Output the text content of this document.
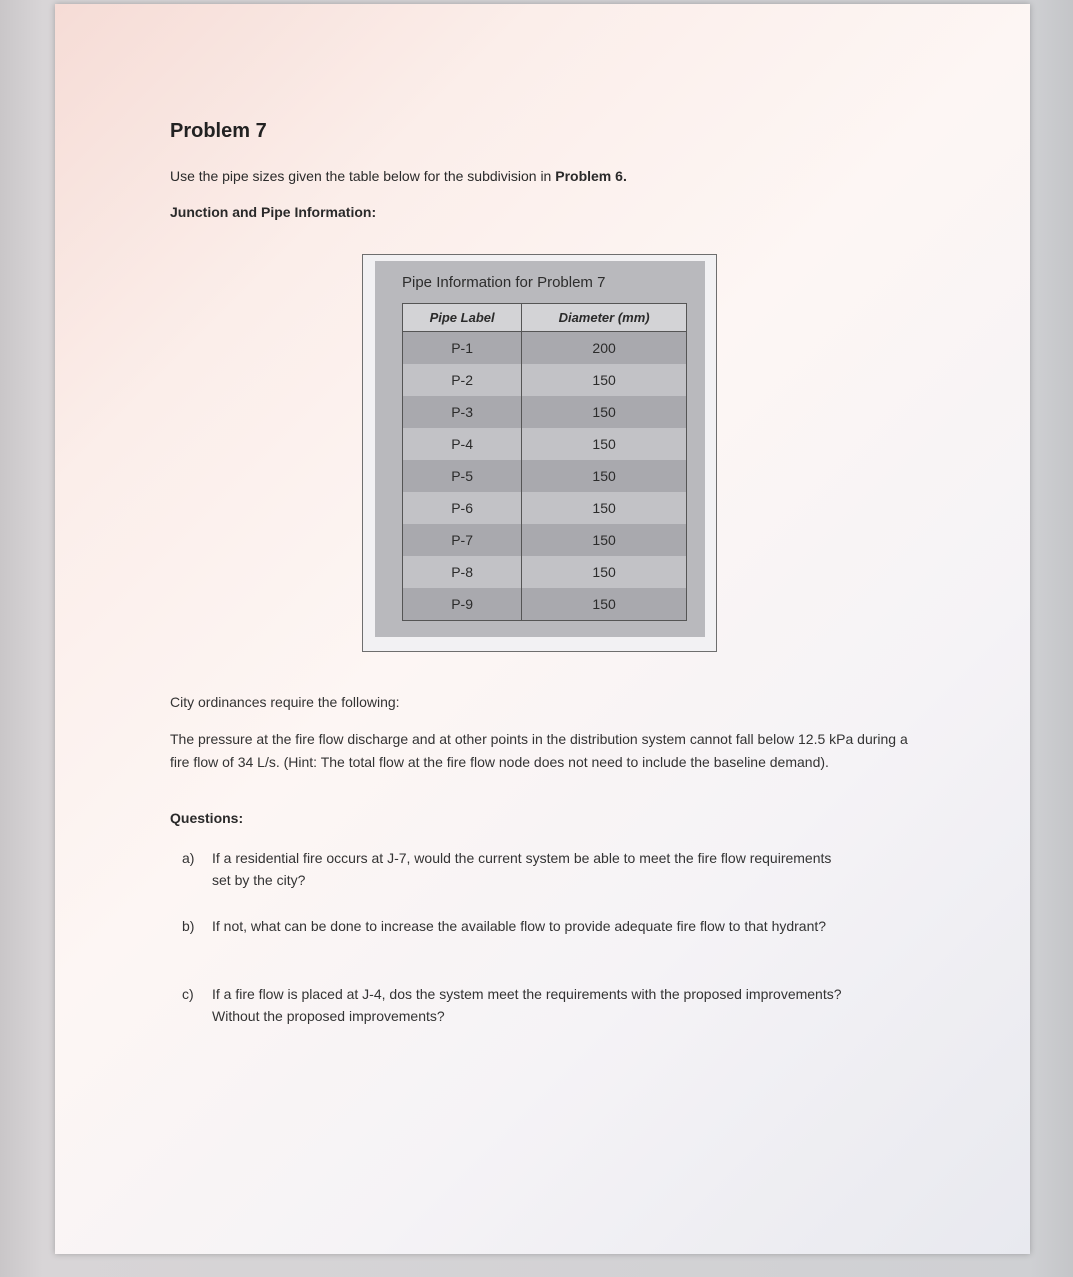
Problem 7

Use the pipe sizes given the table below for the subdivision in Problem 6.

Junction and Pipe Information:

Pipe Information for Problem 7
Pipe Label	Diameter (mm)
P-1	200
P-2	150
P-3	150
P-4	150
P-5	150
P-6	150
P-7	150
P-8	150
P-9	150

City ordinances require the following:

The pressure at the fire flow discharge and at other points in the distribution system cannot fall below 12.5 kPa during a fire flow of 34 L/s. (Hint: The total flow at the fire flow node does not need to include the baseline demand).

Questions:

a)	If a residential fire occurs at J-7, would the current system be able to meet the fire flow requirements set by the city?
b)	If not, what can be done to increase the available flow to provide adequate fire flow to that hydrant?
c)	If a fire flow is placed at J-4, dos the system meet the requirements with the proposed improvements? Without the proposed improvements?
